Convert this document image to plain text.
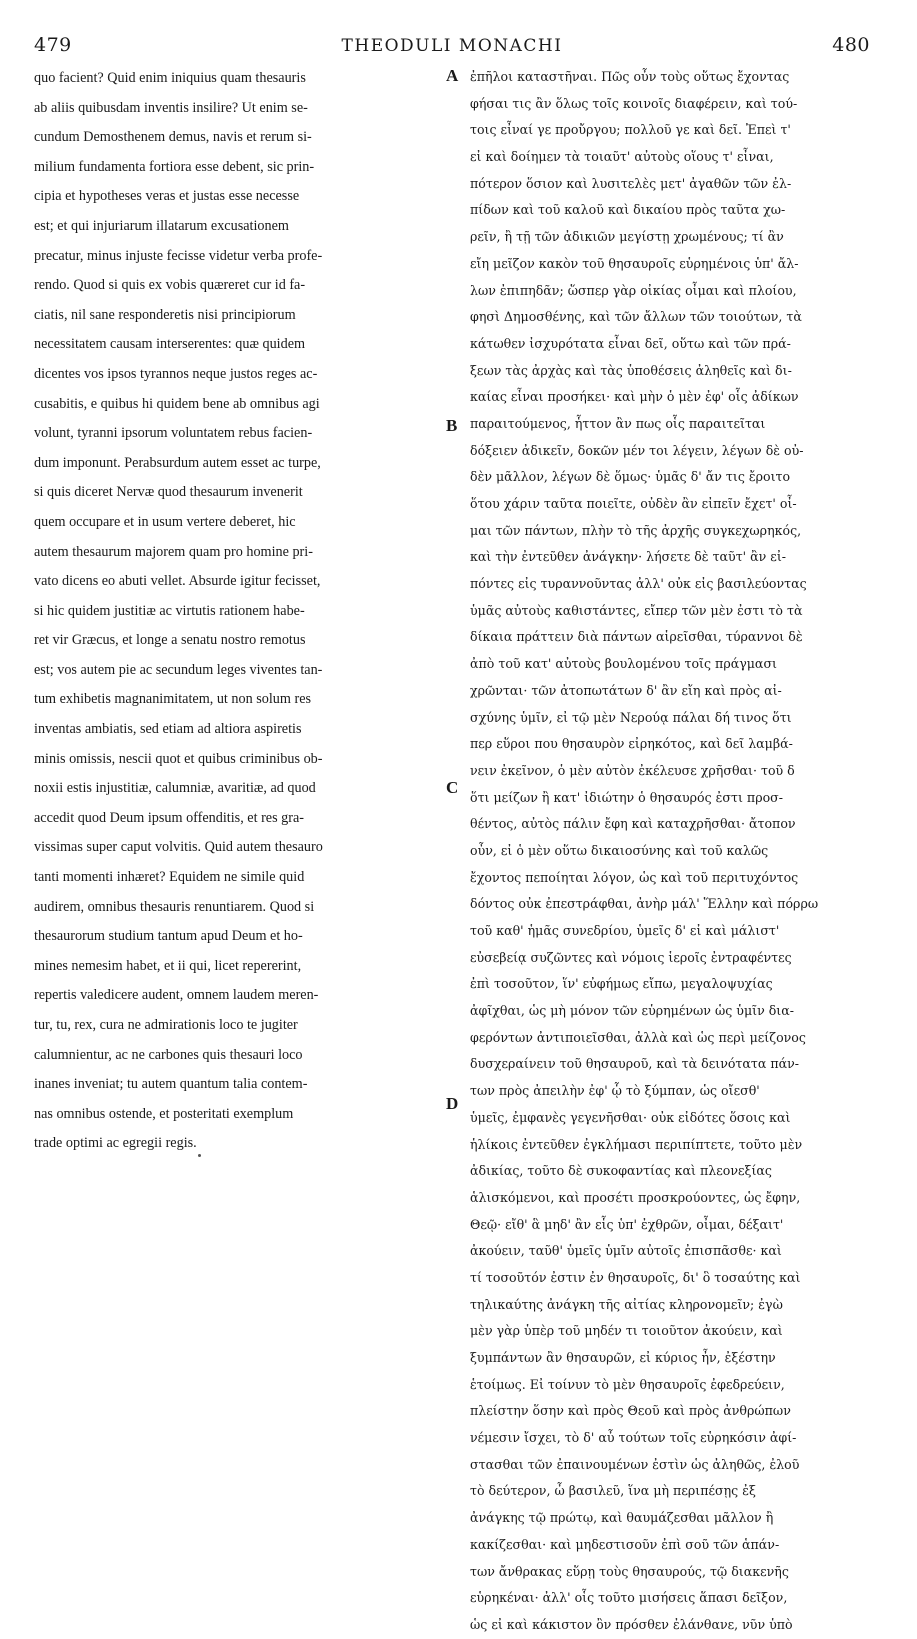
479	THEODULI MONACHI	480

quo facient? Quid enim iniquius quam thesauris

ab aliis quibusdam inventis insilire? Ut enim se-

cundum Demosthenem demus, navis et rerum si-

milium fundamenta fortiora esse debent, sic prin-

cipia et hypotheses veras et justas esse necesse

est; et qui injuriarum illatarum excusationem

precatur, minus injuste fecisse videtur verba profe-

rendo. Quod si quis ex vobis quæreret cur id fa-

ciatis, nil sane responderetis nisi principiorum

necessitatem causam interserentes: quæ quidem

dicentes vos ipsos tyrannos neque justos reges ac-

cusabitis, e quibus hi quidem bene ab omnibus agi

volunt, tyranni ipsorum voluntatem rebus facien-

dum imponunt. Perabsurdum autem esset ac turpe,

si quis diceret Nervæ quod thesaurum invenerit

quem occupare et in usum vertere deberet, hic

autem thesaurum majorem quam pro homine pri-

vato dicens eo abuti vellet. Absurde igitur fecisset,

si hic quidem justitiæ ac virtutis rationem habe-

ret vir Græcus, et longe a senatu nostro remotus

est; vos autem pie ac secundum leges viventes tan-

tum exhibetis magnanimitatem, ut non solum res

inventas ambiatis, sed etiam ad altiora aspiretis

minis omissis, nescii quot et quibus criminibus ob-

noxii estis injustitiæ, calumniæ, avaritiæ, ad quod

accedit quod Deum ipsum offenditis, et res gra-

vissimas super caput volvitis. Quid autem thesauro

tanti momenti inhæret? Equidem ne simile quid

audirem, omnibus thesauris renuntiarem. Quod si

thesaurorum studium tantum apud Deum et ho-

mines nemesim habet, et ii qui, licet repererint,

repertis valedicere audent, omnem laudem meren-

tur, tu, rex, cura ne admirationis loco te jugiter

calumnientur, ac ne carbones quis thesauri loco

inanes inveniat; tu autem quantum talia contem-

nas omnibus ostende, et posteritati exemplum

trade optimi ac egregii regis.

ἐπῆλοι καταστῆναι. Πῶς οὖν τοὺς οὕτως ἔχοντας

φήσαι τις ἂν ὅλως τοῖς κοινοῖς διαφέρειν, καὶ τού-

τοις εἶναί γε προὔργου; πολλοῦ γε καὶ δεῖ. Ἐπεὶ τ'

εἰ καὶ δοίημεν τὰ τοιαῦτ' αὐτοὺς οἵους τ' εἶναι,

πότερον ὅσιον καὶ λυσιτελὲς μετ' ἀγαθῶν τῶν ἐλ-

πίδων καὶ τοῦ καλοῦ καὶ δικαίου πρὸς ταῦτα χω-

ρεῖν, ἢ τῇ τῶν ἀδικιῶν μεγίστῃ χρωμένους; τί ἂν

εἴη μεῖζον κακὸν τοῦ θησαυροῖς εὑρημένοις ὑπ' ἄλ-

λων ἐπιπηδᾶν; ὥσπερ γὰρ οἰκίας οἶμαι καὶ πλοίου,

φησὶ Δημοσθένης, καὶ τῶν ἄλλων τῶν τοιούτων, τὰ

κάτωθεν ἰσχυρότατα εἶναι δεῖ, οὕτω καὶ τῶν πρά-

ξεων τὰς ἀρχὰς καὶ τὰς ὑποθέσεις ἀληθεῖς καὶ δι-

καίας εἶναι προσήκει· καὶ μὴν ὁ μὲν ἐφ' οἷς ἀδίκων

παραιτούμενος, ἧττον ἂν πως οἷς παραιτεῖται

δόξειεν ἀδικεῖν, δοκῶν μέν τοι λέγειν, λέγων δὲ οὐ-

δὲν μᾶλλον, λέγων δὲ ὅμως· ὑμᾶς δ' ἄν τις ἔροιτο

ὅτου χάριν ταῦτα ποιεῖτε, οὐδὲν ἂν εἰπεῖν ἔχετ' οἶ-

μαι τῶν πάντων, πλὴν τὸ τῆς ἀρχῆς συγκεχωρηκός,

καὶ τὴν ἐντεῦθεν ἀνάγκην· λήσετε δὲ ταῦτ' ἂν εἰ-

πόντες εἰς τυραννοῦντας ἀλλ' οὐκ εἰς βασιλεύοντας

ὑμᾶς αὐτοὺς καθιστάντες, εἴπερ τῶν μὲν ἐστι τὸ τὰ

δίκαια πράττειν διὰ πάντων αἱρεῖσθαι, τύραννοι δὲ

ἀπὸ τοῦ κατ' αὐτοὺς βουλομένου τοῖς πράγμασι

χρῶνται· τῶν ἀτοπωτάτων δ' ἂν εἴη καὶ πρὸς αἰ-

σχύνης ὑμῖν, εἰ τῷ μὲν Νερούᾳ πάλαι δή τινος ὅτι

περ εὕροι που θησαυρὸν εἰρηκότος, καὶ δεῖ λαμβά-

νειν ἐκεῖνον, ὁ μὲν αὐτὸν ἐκέλευσε χρῆσθαι· τοῦ δ

ὅτι μείζων ἢ κατ' ἰδιώτην ὁ θησαυρός ἐστι προσ-

θέντος, αὐτὸς πάλιν ἔφη καὶ καταχρῆσθαι· ἄτοπον

οὖν, εἰ ὁ μὲν οὕτω δικαιοσύνης καὶ τοῦ καλῶς

ἔχοντος πεποίηται λόγον, ὡς καὶ τοῦ περιτυχόντος

δόντος οὐκ ἐπεστράφθαι, ἀνὴρ μάλ' Ἕλλην καὶ πόρρω

τοῦ καθ' ἡμᾶς συνεδρίου, ὑμεῖς δ' εἰ καὶ μάλιστ'

εὐσεβείᾳ συζῶντες καὶ νόμοις ἱεροῖς ἐντραφέντες

ἐπὶ τοσοῦτον, ἵν' εὐφήμως εἴπω, μεγαλοψυχίας

ἀφῖχθαι, ὡς μὴ μόνον τῶν εὑρημένων ὡς ὑμῖν δια-

φερόντων ἀντιποιεῖσθαι, ἀλλὰ καὶ ὡς περὶ μείζονος

δυσχεραίνειν τοῦ θησαυροῦ, καὶ τὰ δεινότατα πάν-

των πρὸς ἀπειλὴν ἐφ' ᾧ τὸ ξύμπαν, ὡς οἴεσθ'

ὑμεῖς, ἐμφανὲς γεγενῆσθαι· οὐκ εἰδότες ὅσοις καὶ

ἡλίκοις ἐντεῦθεν ἐγκλήμασι περιπίπτετε, τοῦτο μὲν

ἀδικίας, τοῦτο δὲ συκοφαντίας καὶ πλεονεξίας

ἁλισκόμενοι, καὶ προσέτι προσκρούοντες, ὡς ἔφην,

Θεῷ· εἴθ' ἃ μηδ' ἂν εἷς ὑπ' ἐχθρῶν, οἶμαι, δέξαιτ'

ἀκούειν, ταῦθ' ὑμεῖς ὑμῖν αὐτοῖς ἐπισπᾶσθε· καὶ

τί τοσοῦτόν ἐστιν ἐν θησαυροῖς, δι' ὃ τοσαύτης καὶ

τηλικαύτης ἀνάγκη τῆς αἰτίας κληρονομεῖν; ἐγὼ

μὲν γὰρ ὑπὲρ τοῦ μηδέν τι τοιοῦτον ἀκούειν, καὶ

ξυμπάντων ἂν θησαυρῶν, εἰ κύριος ἦν, ἐξέστην

ἑτοίμως. Εἰ τοίνυν τὸ μὲν θησαυροῖς ἐφεδρεύειν,

πλείστην ὅσην καὶ πρὸς Θεοῦ καὶ πρὸς ἀνθρώπων

νέμεσιν ἴσχει, τὸ δ' αὖ τούτων τοῖς εὑρηκόσιν ἀφί-

στασθαι τῶν ἐπαινουμένων ἐστὶν ὡς ἀληθῶς, ἐλοῦ

τὸ δεύτερον, ὦ βασιλεῦ, ἵνα μὴ περιπέσῃς ἐξ

ἀνάγκης τῷ πρώτῳ, καὶ θαυμάζεσθαι μᾶλλον ἢ

κακίζεσθαι· καὶ μηδεστισοῦν ἐπὶ σοῦ τῶν ἁπάν-

των ἄνθρακας εὕρῃ τοὺς θησαυρούς, τῷ διακενῆς

εὑρηκέναι· ἀλλ' οἷς τοῦτο μισήσεις ἅπασι δεῖξον,

ὡς εἰ καὶ κάκιστον ὂν πρόσθεν ἐλάνθανε, νῦν ὑπὸ

A
B
C
D
